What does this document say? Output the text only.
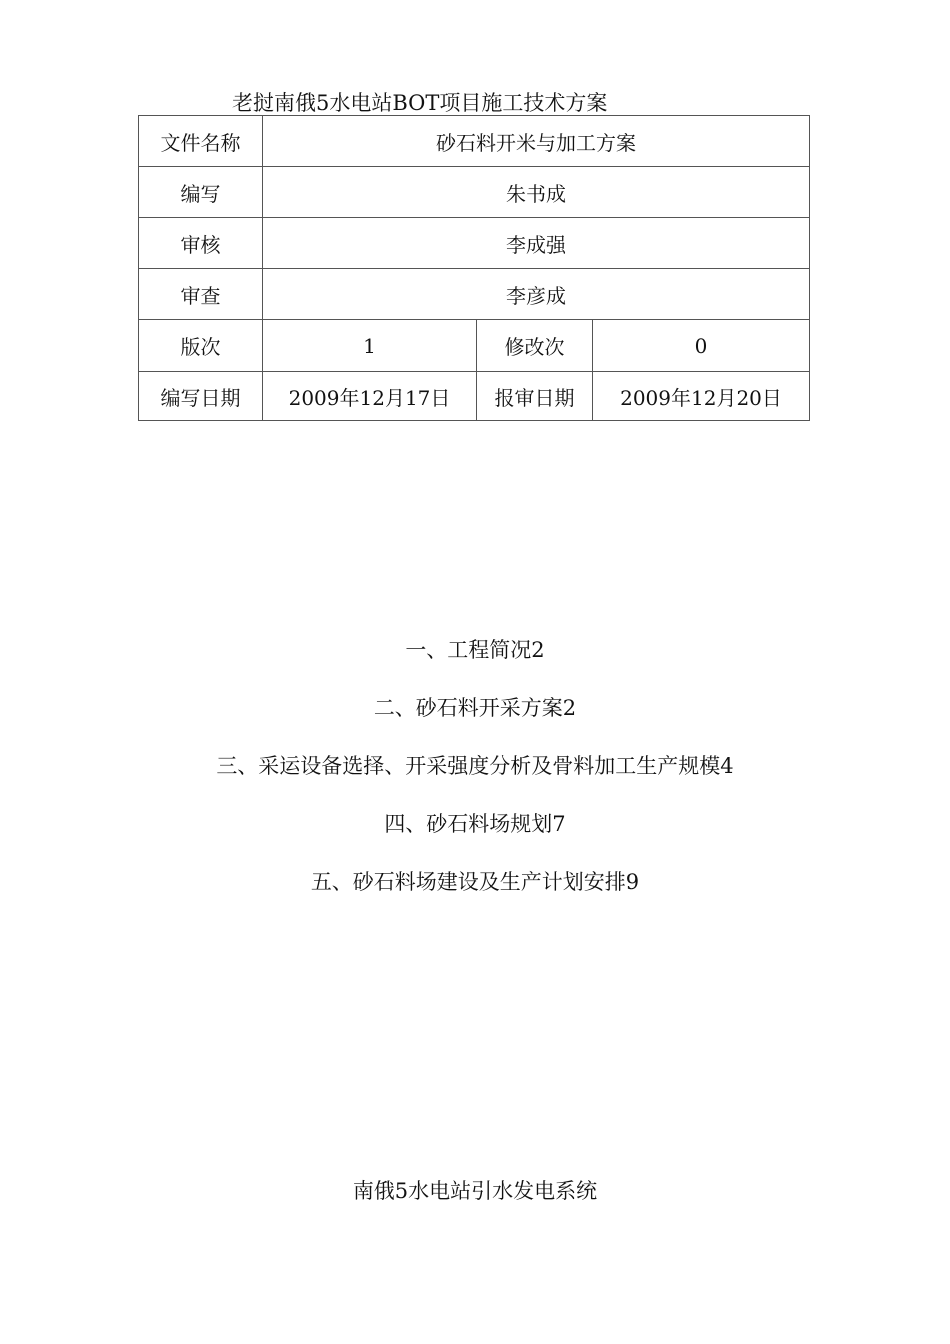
老挝南俄5水电站BOT项目施工技术方案
文件名称	砂石料开米与加工方案		
编写	朱书成		
审核	李成强		
审查	李彦成		
版次	1	修改次	0
编写日期	2009年12月17日	报审日期	2009年12月20日
一、工程简况2
二、砂石料开采方案2
三、采运设备选择、开采强度分析及骨料加工生产规模4
四、砂石料场规划7
五、砂石料场建设及生产计划安排9
南俄5水电站引水发电系统
